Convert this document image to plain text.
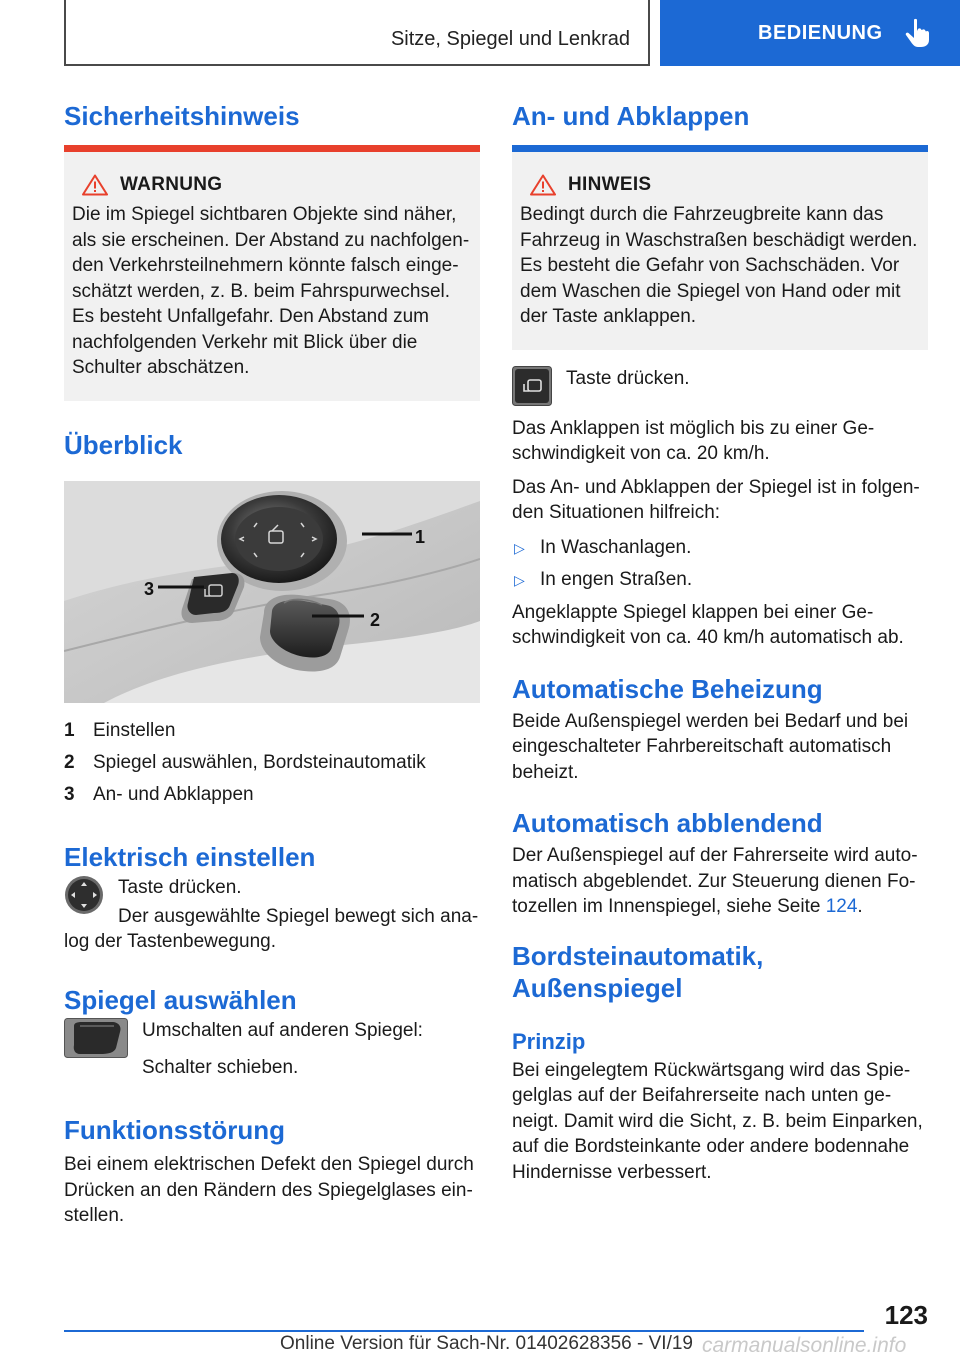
Sitze, Spiegel und Lenkrad	BEDIENUNG
Sicherheitshinweis
WARNUNG

Die im Spiegel sichtbaren Objekte sind näher, als sie erscheinen. Der Abstand zu nachfolgenden Verkehrsteilnehmern könnte falsch eingeschätzt werden, z. B. beim Fahrspurwechsel.

Es besteht Unfallgefahr. Den Abstand zum nachfolgenden Verkehr mit Blick über die Schulter abschätzen.

Überblick
1
2
3
1 Einstellen
2 Spiegel auswählen, Bordsteinautomatik
3 An- und Abklappen
Elektrisch einstellen

Taste drücken.

Der ausgewählte Spiegel bewegt sich ana-

log der Tastenbewegung.

Spiegel auswählen

Umschalten auf anderen Spiegel:

Schalter schieben.

Funktionsstörung

Bei einem elektrischen Defekt den Spiegel durch Drücken an den Rändern des Spiegelglases einstellen.

An- und Abklappen
HINWEIS

Bedingt durch die Fahrzeugbreite kann das Fahrzeug in Waschstraßen beschädigt werden.

Es besteht die Gefahr von Sachschäden. Vor dem Waschen die Spiegel von Hand oder mit der Taste anklappen.

Taste drücken.

Das Anklappen ist möglich bis zu einer Geschwindigkeit von ca. 20 km/h.

Das An- und Abklappen der Spiegel ist in folgenden Situationen hilfreich:

▷ In Waschanlagen.
▷ In engen Straßen.

Angeklappte Spiegel klappen bei einer Geschwindigkeit von ca. 40 km/h automatisch ab.

Automatische Beheizung

Beide Außenspiegel werden bei Bedarf und bei eingeschalteter Fahrbereitschaft automatisch beheizt.

Automatisch abblendend

Der Außenspiegel auf der Fahrerseite wird automatisch abgeblendet. Zur Steuerung dienen Fotozellen im Innenspiegel, siehe Seite 124.

Bordsteinautomatik,
Außenspiegel
Prinzip

Bei eingelegtem Rückwärtsgang wird das Spiegelglas auf der Beifahrerseite nach unten geneigt. Damit wird die Sicht, z. B. beim Einparken, auf die Bordsteinkante oder andere bodennahe Hindernisse verbessert.

123
Online Version für Sach-Nr. 01402628356 - VI/19 carmanualsonline.info
